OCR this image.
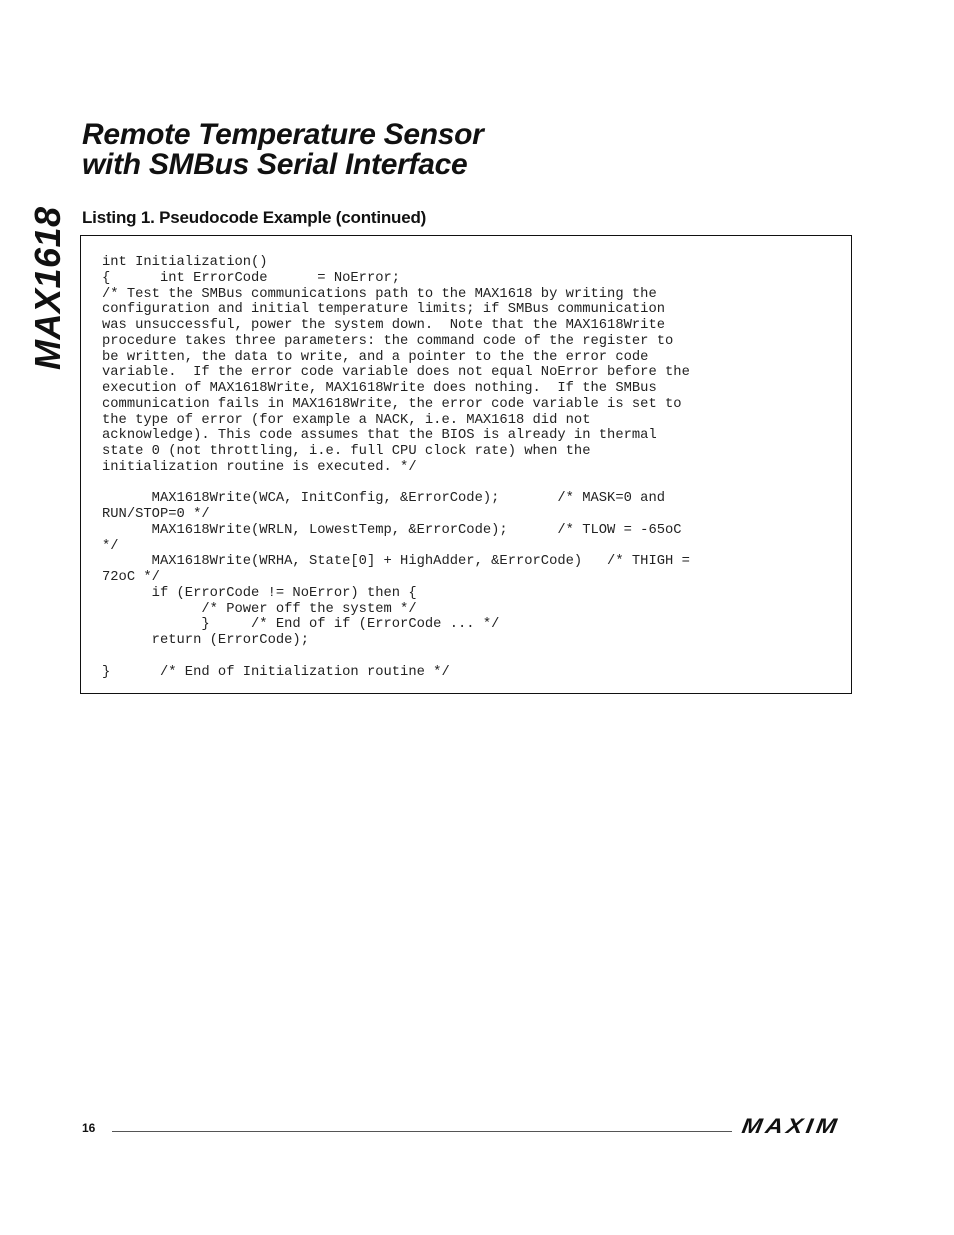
MAX1618
Remote Temperature Sensor
with SMBus Serial Interface
Listing 1. Pseudocode Example (continued)
int Initialization()
{      int ErrorCode      = NoError;
/* Test the SMBus communications path to the MAX1618 by writing the
configuration and initial temperature limits; if SMBus communication
was unsuccessful, power the system down.  Note that the MAX1618Write
procedure takes three parameters: the command code of the register to
be written, the data to write, and a pointer to the the error code
variable.  If the error code variable does not equal NoError before the
execution of MAX1618Write, MAX1618Write does nothing.  If the SMBus
communication fails in MAX1618Write, the error code variable is set to
the type of error (for example a NACK, i.e. MAX1618 did not
acknowledge). This code assumes that the BIOS is already in thermal
state 0 (not throttling, i.e. full CPU clock rate) when the
initialization routine is executed. */

MAX1618Write(WCA, InitConfig, &ErrorCode);       /* MASK=0 and
RUN/STOP=0 */
MAX1618Write(WRLN, LowestTemp, &ErrorCode);      /* TLOW = -65oC
*/
MAX1618Write(WRHA, State[0] + HighAdder, &ErrorCode)   /* THIGH =
72oC */
if (ErrorCode != NoError) then {
/* Power off the system */
}     /* End of if (ErrorCode ... */
return (ErrorCode);

}      /* End of Initialization routine */
16	MAXIM
